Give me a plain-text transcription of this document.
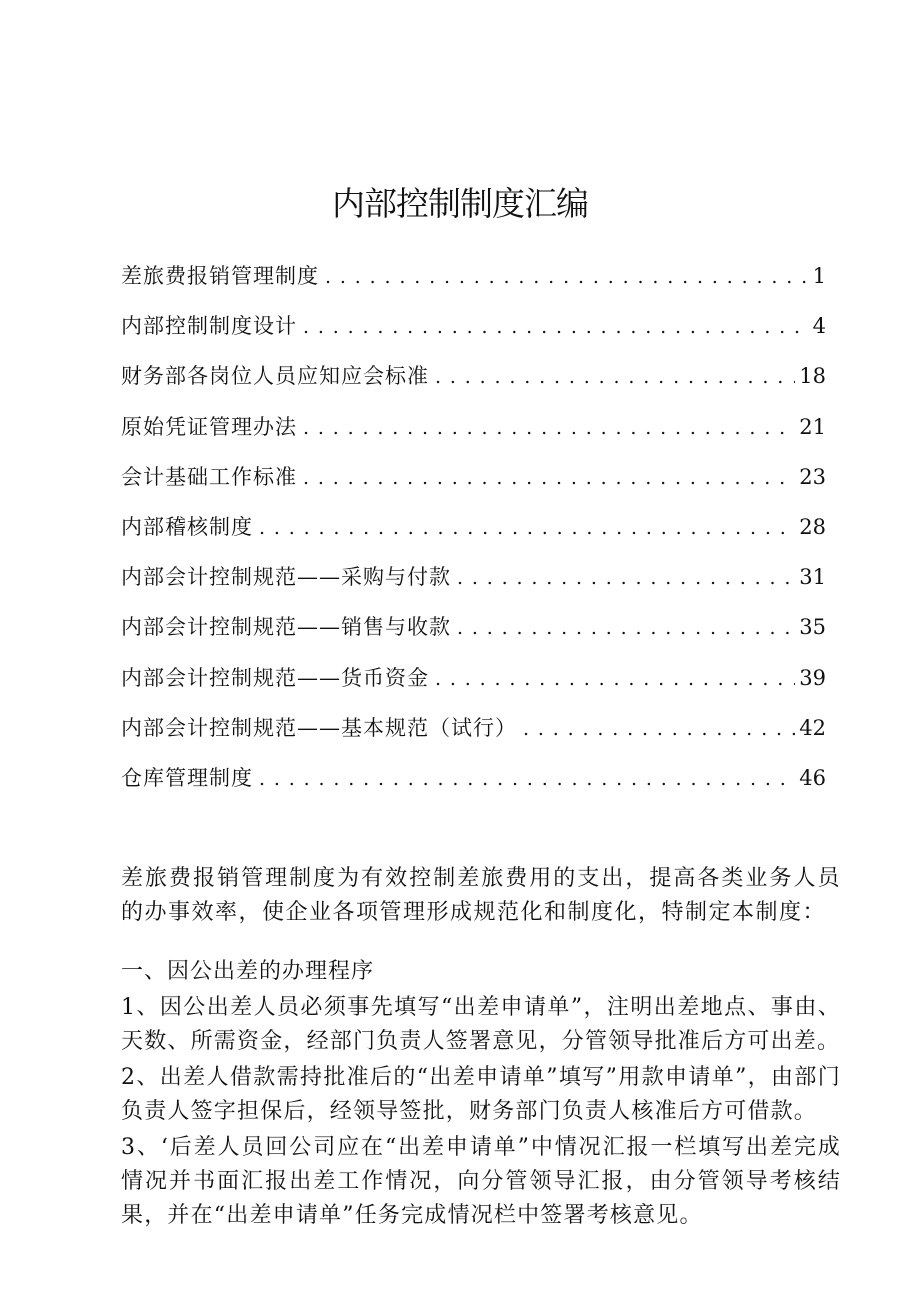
内部控制制度汇编
差旅费报销管理制度 . . .	1
内部控制制度设计 . . .	4
财务部各岗位人员应知应会标准 . . .	18
原始凭证管理办法 . . .	21
会计基础工作标准 . . .	23
内部稽核制度 . . .	28
内部会计控制规范——采购与付款 . . .	31
内部会计控制规范——销售与收款 . . .	35
内部会计控制规范——货币资金 . . .	39
内部会计控制规范——基本规范（试行） . . .	42
仓库管理制度 . . .	46

差旅费报销管理制度为有效控制差旅费用的支出，提高各类业务人员的办事效率，使企业各项管理形成规范化和制度化，特制定本制度：

一、因公出差的办理程序

1、因公出差人员必须事先填写“出差申请单”，注明出差地点、事由、天数、所需资金，经部门负责人签署意见，分管领导批准后方可出差。

2、出差人借款需持批准后的“出差申请单”填写”用款申请单”，由部门负责人签字担保后，经领导签批，财务部门负责人核准后方可借款。

3、‘后差人员回公司应在“出差申请单”中情况汇报一栏填写出差完成情况并书面汇报出差工作情况，向分管领导汇报，由分管领导考核结果，并在“出差申请单”任务完成情况栏中签署考核意见。
